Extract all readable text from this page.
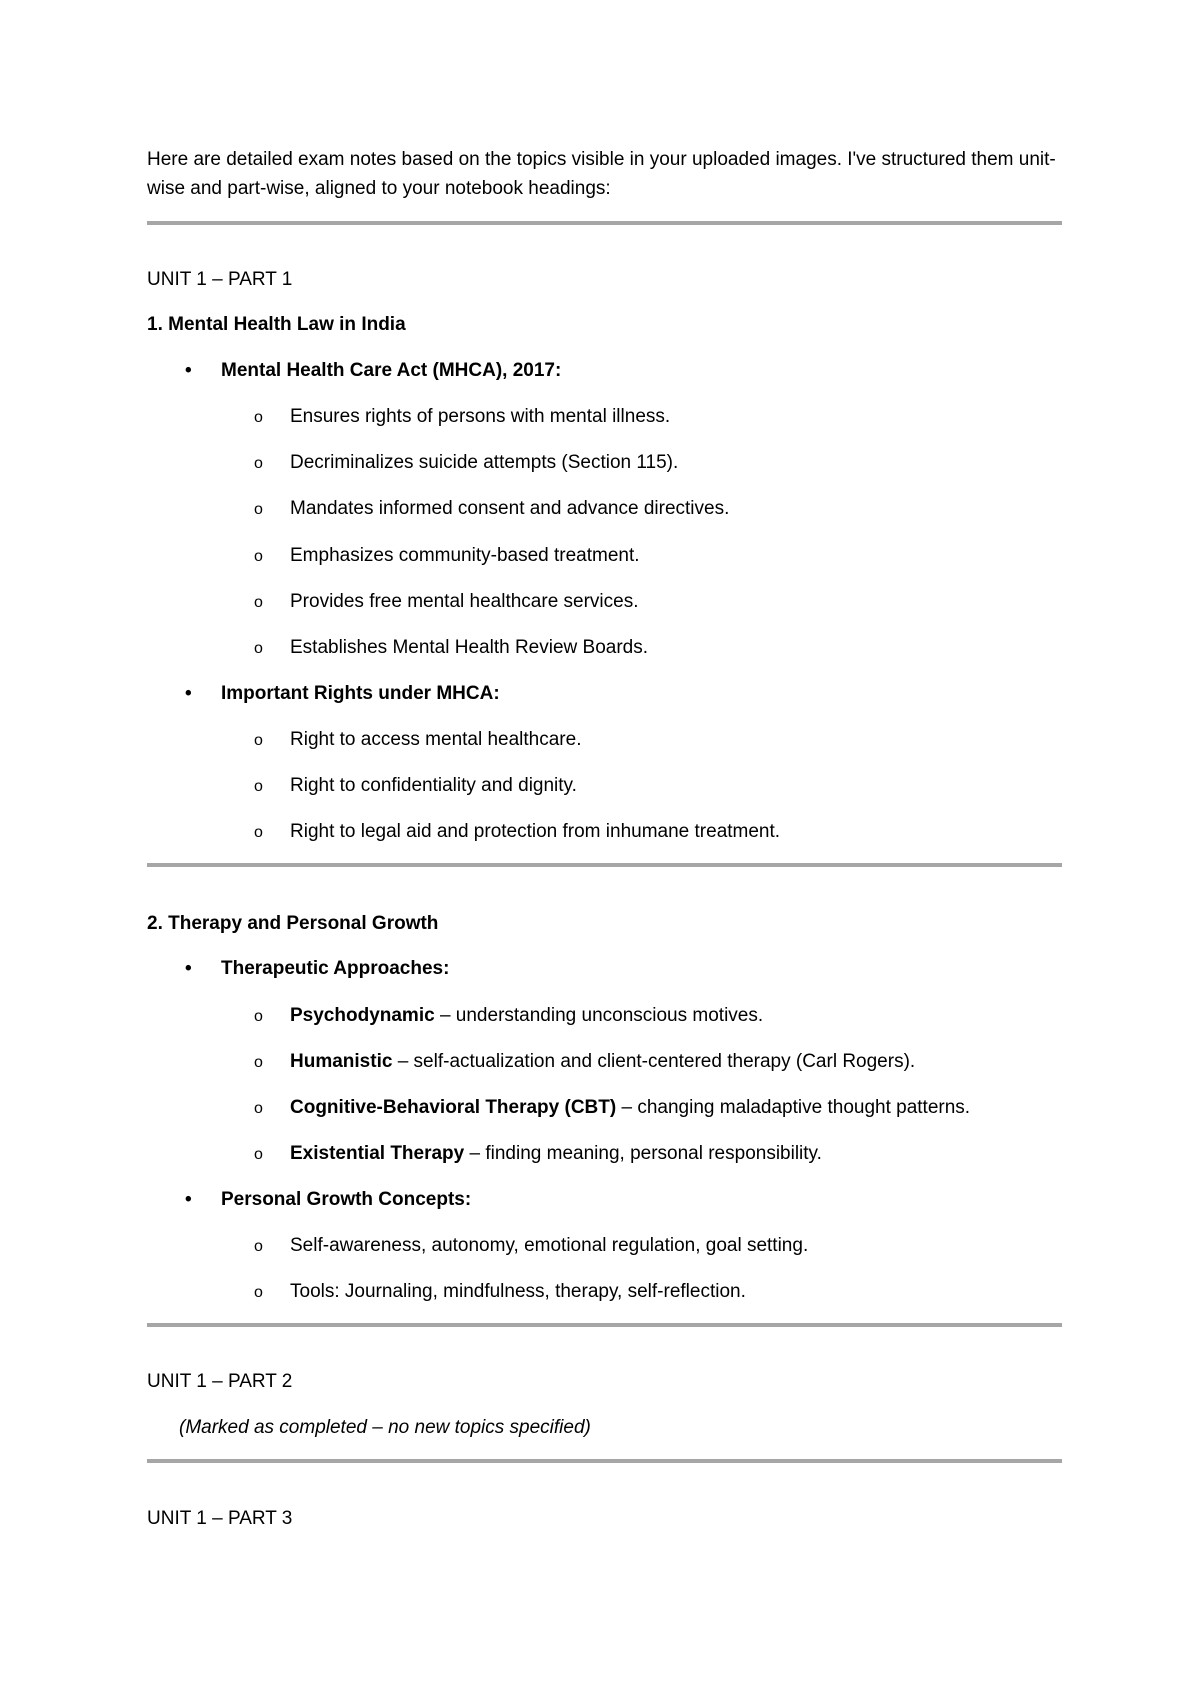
Here are detailed exam notes based on the topics visible in your uploaded images. I've structured them unit-wise and part-wise, aligned to your notebook headings:

UNIT 1 – PART 1
1. Mental Health Law in India
• Mental Health Care Act (MHCA), 2017:
o Ensures rights of persons with mental illness.
o Decriminalizes suicide attempts (Section 115).
o Mandates informed consent and advance directives.
o Emphasizes community-based treatment.
o Provides free mental healthcare services.
o Establishes Mental Health Review Boards.
• Important Rights under MHCA:
o Right to access mental healthcare.
o Right to confidentiality and dignity.
o Right to legal aid and protection from inhumane treatment.
2. Therapy and Personal Growth
• Therapeutic Approaches:
o Psychodynamic – understanding unconscious motives.
o Humanistic – self-actualization and client-centered therapy (Carl Rogers).
o Cognitive-Behavioral Therapy (CBT) – changing maladaptive thought patterns.
o Existential Therapy – finding meaning, personal responsibility.
• Personal Growth Concepts:
o Self-awareness, autonomy, emotional regulation, goal setting.
o Tools: Journaling, mindfulness, therapy, self-reflection.
UNIT 1 – PART 2
(Marked as completed – no new topics specified)
UNIT 1 – PART 3
